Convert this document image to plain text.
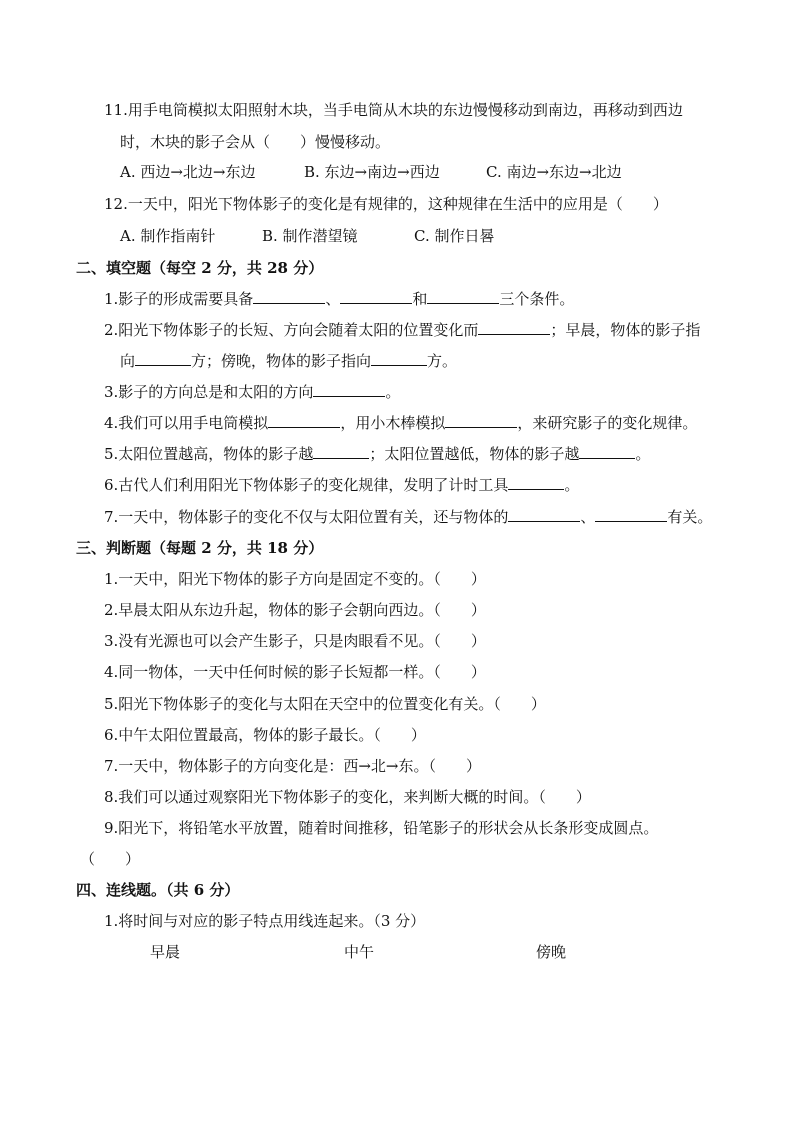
11.用手电筒模拟太阳照射木块，当手电筒从木块的东边慢慢移动到南边，再移动到西边
时，木块的影子会从（　　）慢慢移动。
A. 西边→北边→东边	B. 东边→南边→西边	C. 南边→东边→北边
12.一天中，阳光下物体影子的变化是有规律的，这种规律在生活中的应用是（　　）
A. 制作指南针	B. 制作潜望镜	C. 制作日晷
二、填空题（每空 2 分，共 28 分）
1.影子的形成需要具备	、	和	三个条件。
2.阳光下物体影子的长短、方向会随着太阳的位置变化而	；早晨，物体的影子指
向	方；傍晚，物体的影子指向	方。
3.影子的方向总是和太阳的方向	。
4.我们可以用手电筒模拟	，用小木棒模拟	，来研究影子的变化规律。
5.太阳位置越高，物体的影子越	；太阳位置越低，物体的影子越	。
6.古代人们利用阳光下物体影子的变化规律，发明了计时工具	。
7.一天中，物体影子的变化不仅与太阳位置有关，还与物体的	、	有关。
三、判断题（每题 2 分，共 18 分）
1.一天中，阳光下物体的影子方向是固定不变的。（　　）
2.早晨太阳从东边升起，物体的影子会朝向西边。（　　）
3.没有光源也可以会产生影子，只是肉眼看不见。（　　）
4.同一物体，一天中任何时候的影子长短都一样。（　　）
5.阳光下物体影子的变化与太阳在天空中的位置变化有关。（　　）
6.中午太阳位置最高，物体的影子最长。（　　）
7.一天中，物体影子的方向变化是：西→北→东。（　　）
8.我们可以通过观察阳光下物体影子的变化，来判断大概的时间。（　　）
9.阳光下，将铅笔水平放置，随着时间推移，铅笔影子的形状会从长条形变成圆点。
（　　）
四、连线题。（共 6 分）
1.将时间与对应的影子特点用线连起来。（3 分）
早晨	中午	傍晚
